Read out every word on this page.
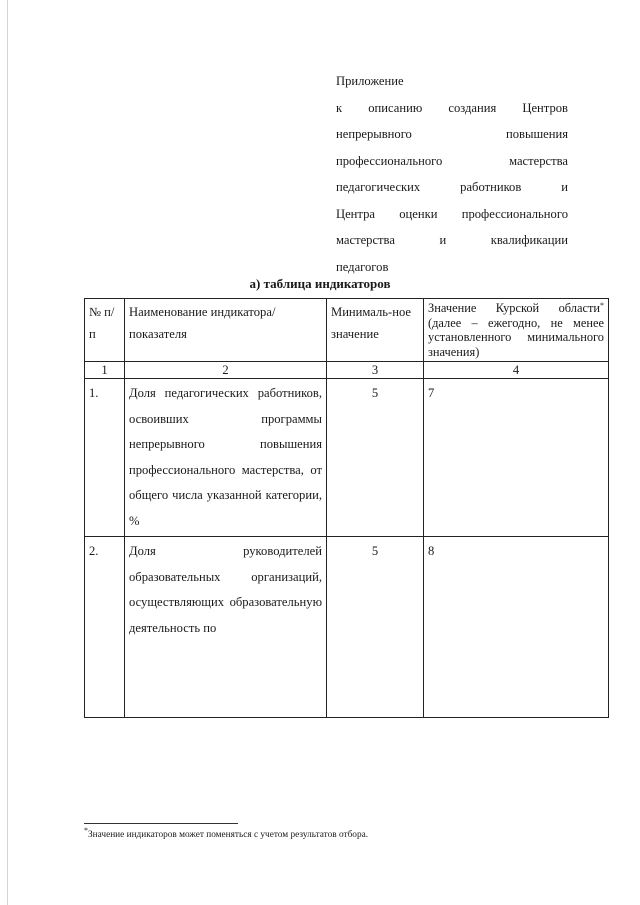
Приложение
к описанию создания Центров
непрерывного повышения
профессионального мастерства
педагогических работников и
Центра оценки профессионального
мастерства и квалификации
педагогов
а) таблица индикаторов
№ п/п	Наименование индикатора/показателя	Минималь-ное значение	Значение Курской области* (далее – ежегодно, не менее установленного минимального значения)
1	2	3	4
1.	Доля педагогических работников, освоивших программы непрерывного повышения профессионального мастерства, от общего числа указанной категории, %	5	7
2.	Доля руководителей образовательных организаций, осуществляющих образовательную деятельность по	5	8
*Значение индикаторов может поменяться с учетом результатов отбора.
